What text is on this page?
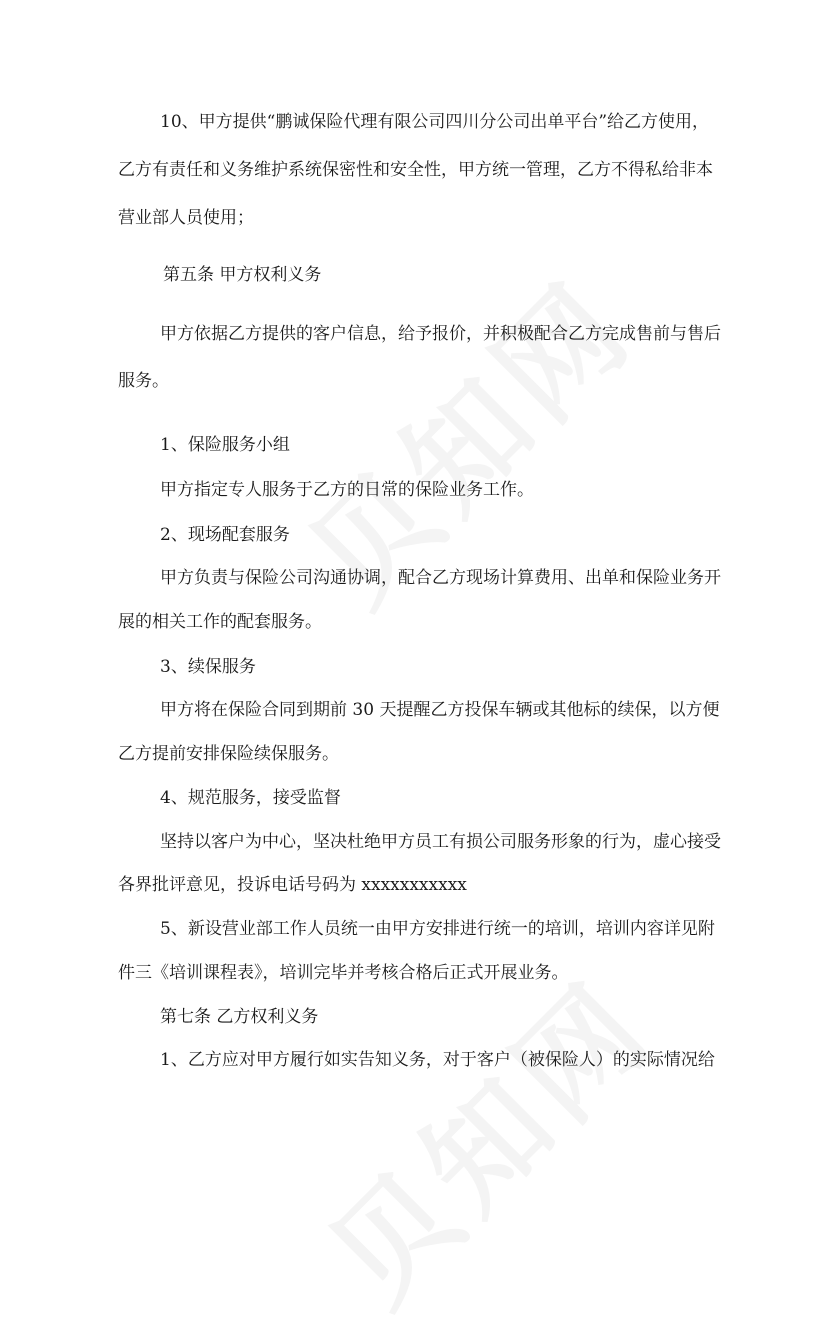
10、甲方提供“鹏诚保险代理有限公司四川分公司出单平台”给乙方使用，
乙方有责任和义务维护系统保密性和安全性，甲方统一管理，乙方不得私给非本
营业部人员使用；
第五条 甲方权利义务
甲方依据乙方提供的客户信息，给予报价，并积极配合乙方完成售前与售后
服务。
1、保险服务小组
甲方指定专人服务于乙方的日常的保险业务工作。
2、现场配套服务
甲方负责与保险公司沟通协调，配合乙方现场计算费用、出单和保险业务开
展的相关工作的配套服务。
3、续保服务
甲方将在保险合同到期前 30 天提醒乙方投保车辆或其他标的续保，以方便
乙方提前安排保险续保服务。
4、规范服务，接受监督
坚持以客户为中心，坚决杜绝甲方员工有损公司服务形象的行为，虚心接受
各界批评意见，投诉电话号码为 xxxxxxxxxxx
5、新设营业部工作人员统一由甲方安排进行统一的培训，培训内容详见附
件三《培训课程表》，培训完毕并考核合格后正式开展业务。
第七条 乙方权利义务
1、乙方应对甲方履行如实告知义务，对于客户（被保险人）的实际情况给
